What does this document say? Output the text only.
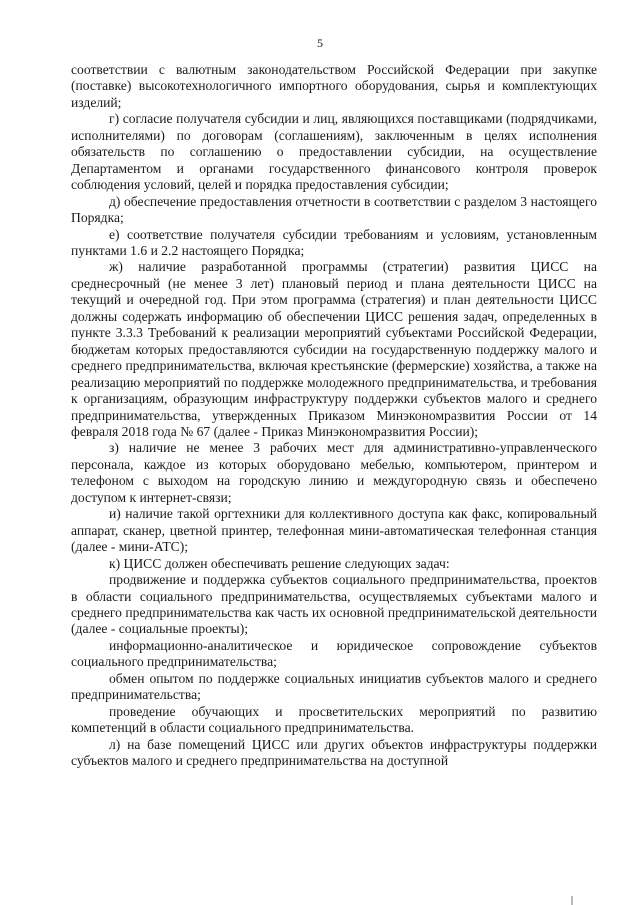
5

соответствии с валютным законодательством Российской Федерации при закупке (поставке) высокотехнологичного импортного оборудования, сырья и комплектующих изделий;

г) согласие получателя субсидии и лиц, являющихся поставщиками (подрядчиками, исполнителями) по договорам (соглашениям), заключенным в целях исполнения обязательств по соглашению о предоставлении субсидии, на осуществление Департаментом и органами государственного финансового контроля проверок соблюдения условий, целей и порядка предоставления субсидии;

д) обеспечение предоставления отчетности в соответствии с разделом 3 настоящего Порядка;

е) соответствие получателя субсидии требованиям и условиям, установленным пунктами 1.6 и 2.2 настоящего Порядка;

ж) наличие разработанной программы (стратегии) развития ЦИСС на среднесрочный (не менее 3 лет) плановый период и плана деятельности ЦИСС на текущий и очередной год. При этом программа (стратегия) и план деятельности ЦИСС должны содержать информацию об обеспечении ЦИСС решения задач, определенных в пункте 3.3.3 Требований к реализации мероприятий субъектами Российской Федерации, бюджетам которых предоставляются субсидии на государственную поддержку малого и среднего предпринимательства, включая крестьянские (фермерские) хозяйства, а также на реализацию мероприятий по поддержке молодежного предпринимательства, и требования к организациям, образующим инфраструктуру поддержки субъектов малого и среднего предпринимательства, утвержденных Приказом Минэкономразвития России от 14 февраля 2018 года № 67 (далее - Приказ Минэкономразвития России);

з) наличие не менее 3 рабочих мест для административно-управленческого персонала, каждое из которых оборудовано мебелью, компьютером, принтером и телефоном с выходом на городскую линию и междугородную связь и обеспечено доступом к интернет-связи;

и) наличие такой оргтехники для коллективного доступа как факс, копировальный аппарат, сканер, цветной принтер, телефонная мини-автоматическая телефонная станция (далее - мини-АТС);

к) ЦИСС должен обеспечивать решение следующих задач:

продвижение и поддержка субъектов социального предпринимательства, проектов в области социального предпринимательства, осуществляемых субъектами малого и среднего предпринимательства как часть их основной предпринимательской деятельности (далее - социальные проекты);

информационно-аналитическое и юридическое сопровождение субъектов социального предпринимательства;

обмен опытом по поддержке социальных инициатив субъектов малого и среднего предпринимательства;

проведение обучающих и просветительских мероприятий по развитию компетенций в области социального предпринимательства.

л) на базе помещений ЦИСС или других объектов инфраструктуры поддержки субъектов малого и среднего предпринимательства на доступной
